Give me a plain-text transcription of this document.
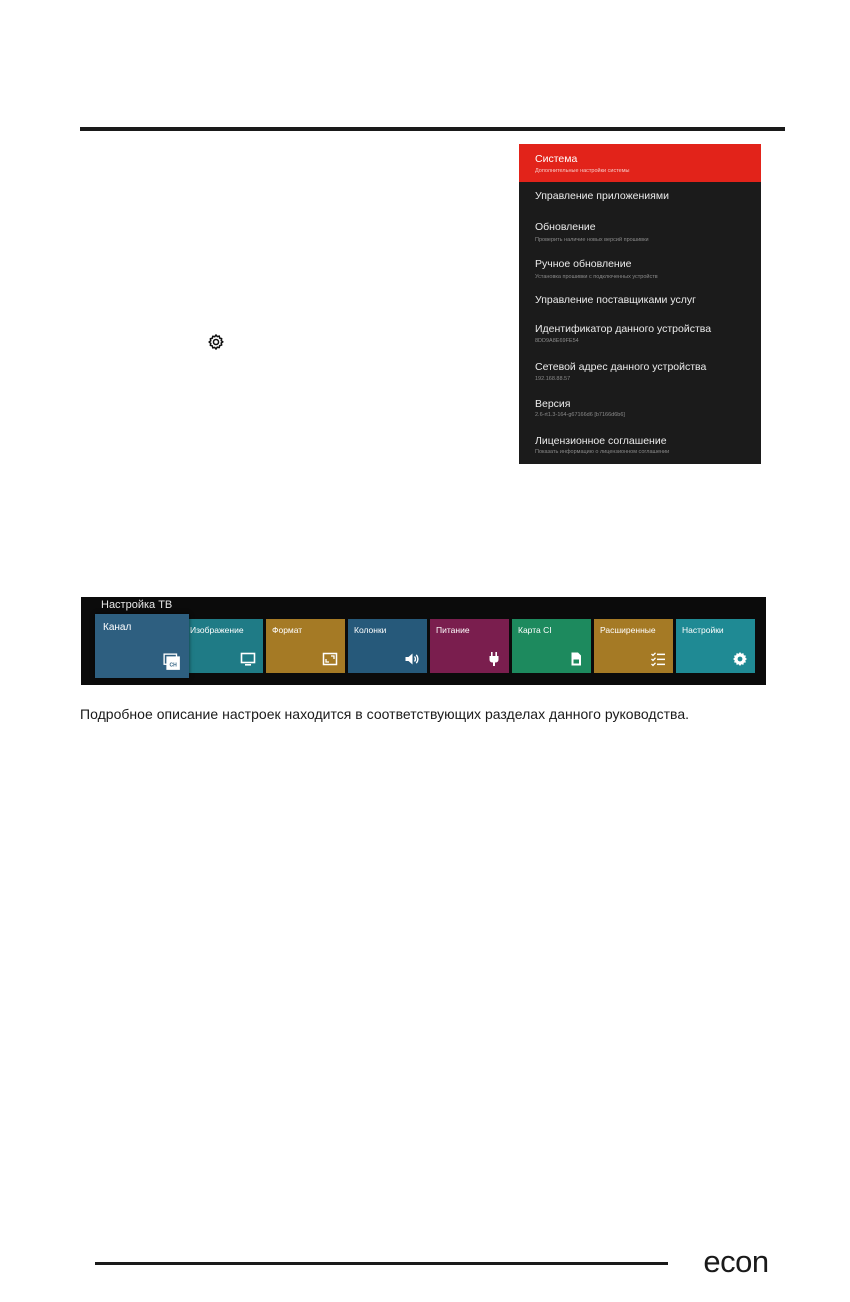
Система
Дополнительные настройки системы
Управление приложениями
Обновление
Проверить наличие новых версий прошивки
Ручное обновление
Установка прошивки с подключенных устройств
Управление поставщиками услуг
Идентификатор данного устройства
8DD9A8E69FE54
Сетевой адрес данного устройства
192.168.88.57
Версия
2.6-rt1.3-164-g67166d6 [b7166d6b6]
Лицензионное соглашение
Показать информацию о лицензионном соглашении
Настройка ТВ
Канал
CH
Изображение	Формат	Колонки	Питание	Карта CI	Расширенные	Настройки
Подробное описание настроек находится в соответствующих разделах данного руководства.
econ
